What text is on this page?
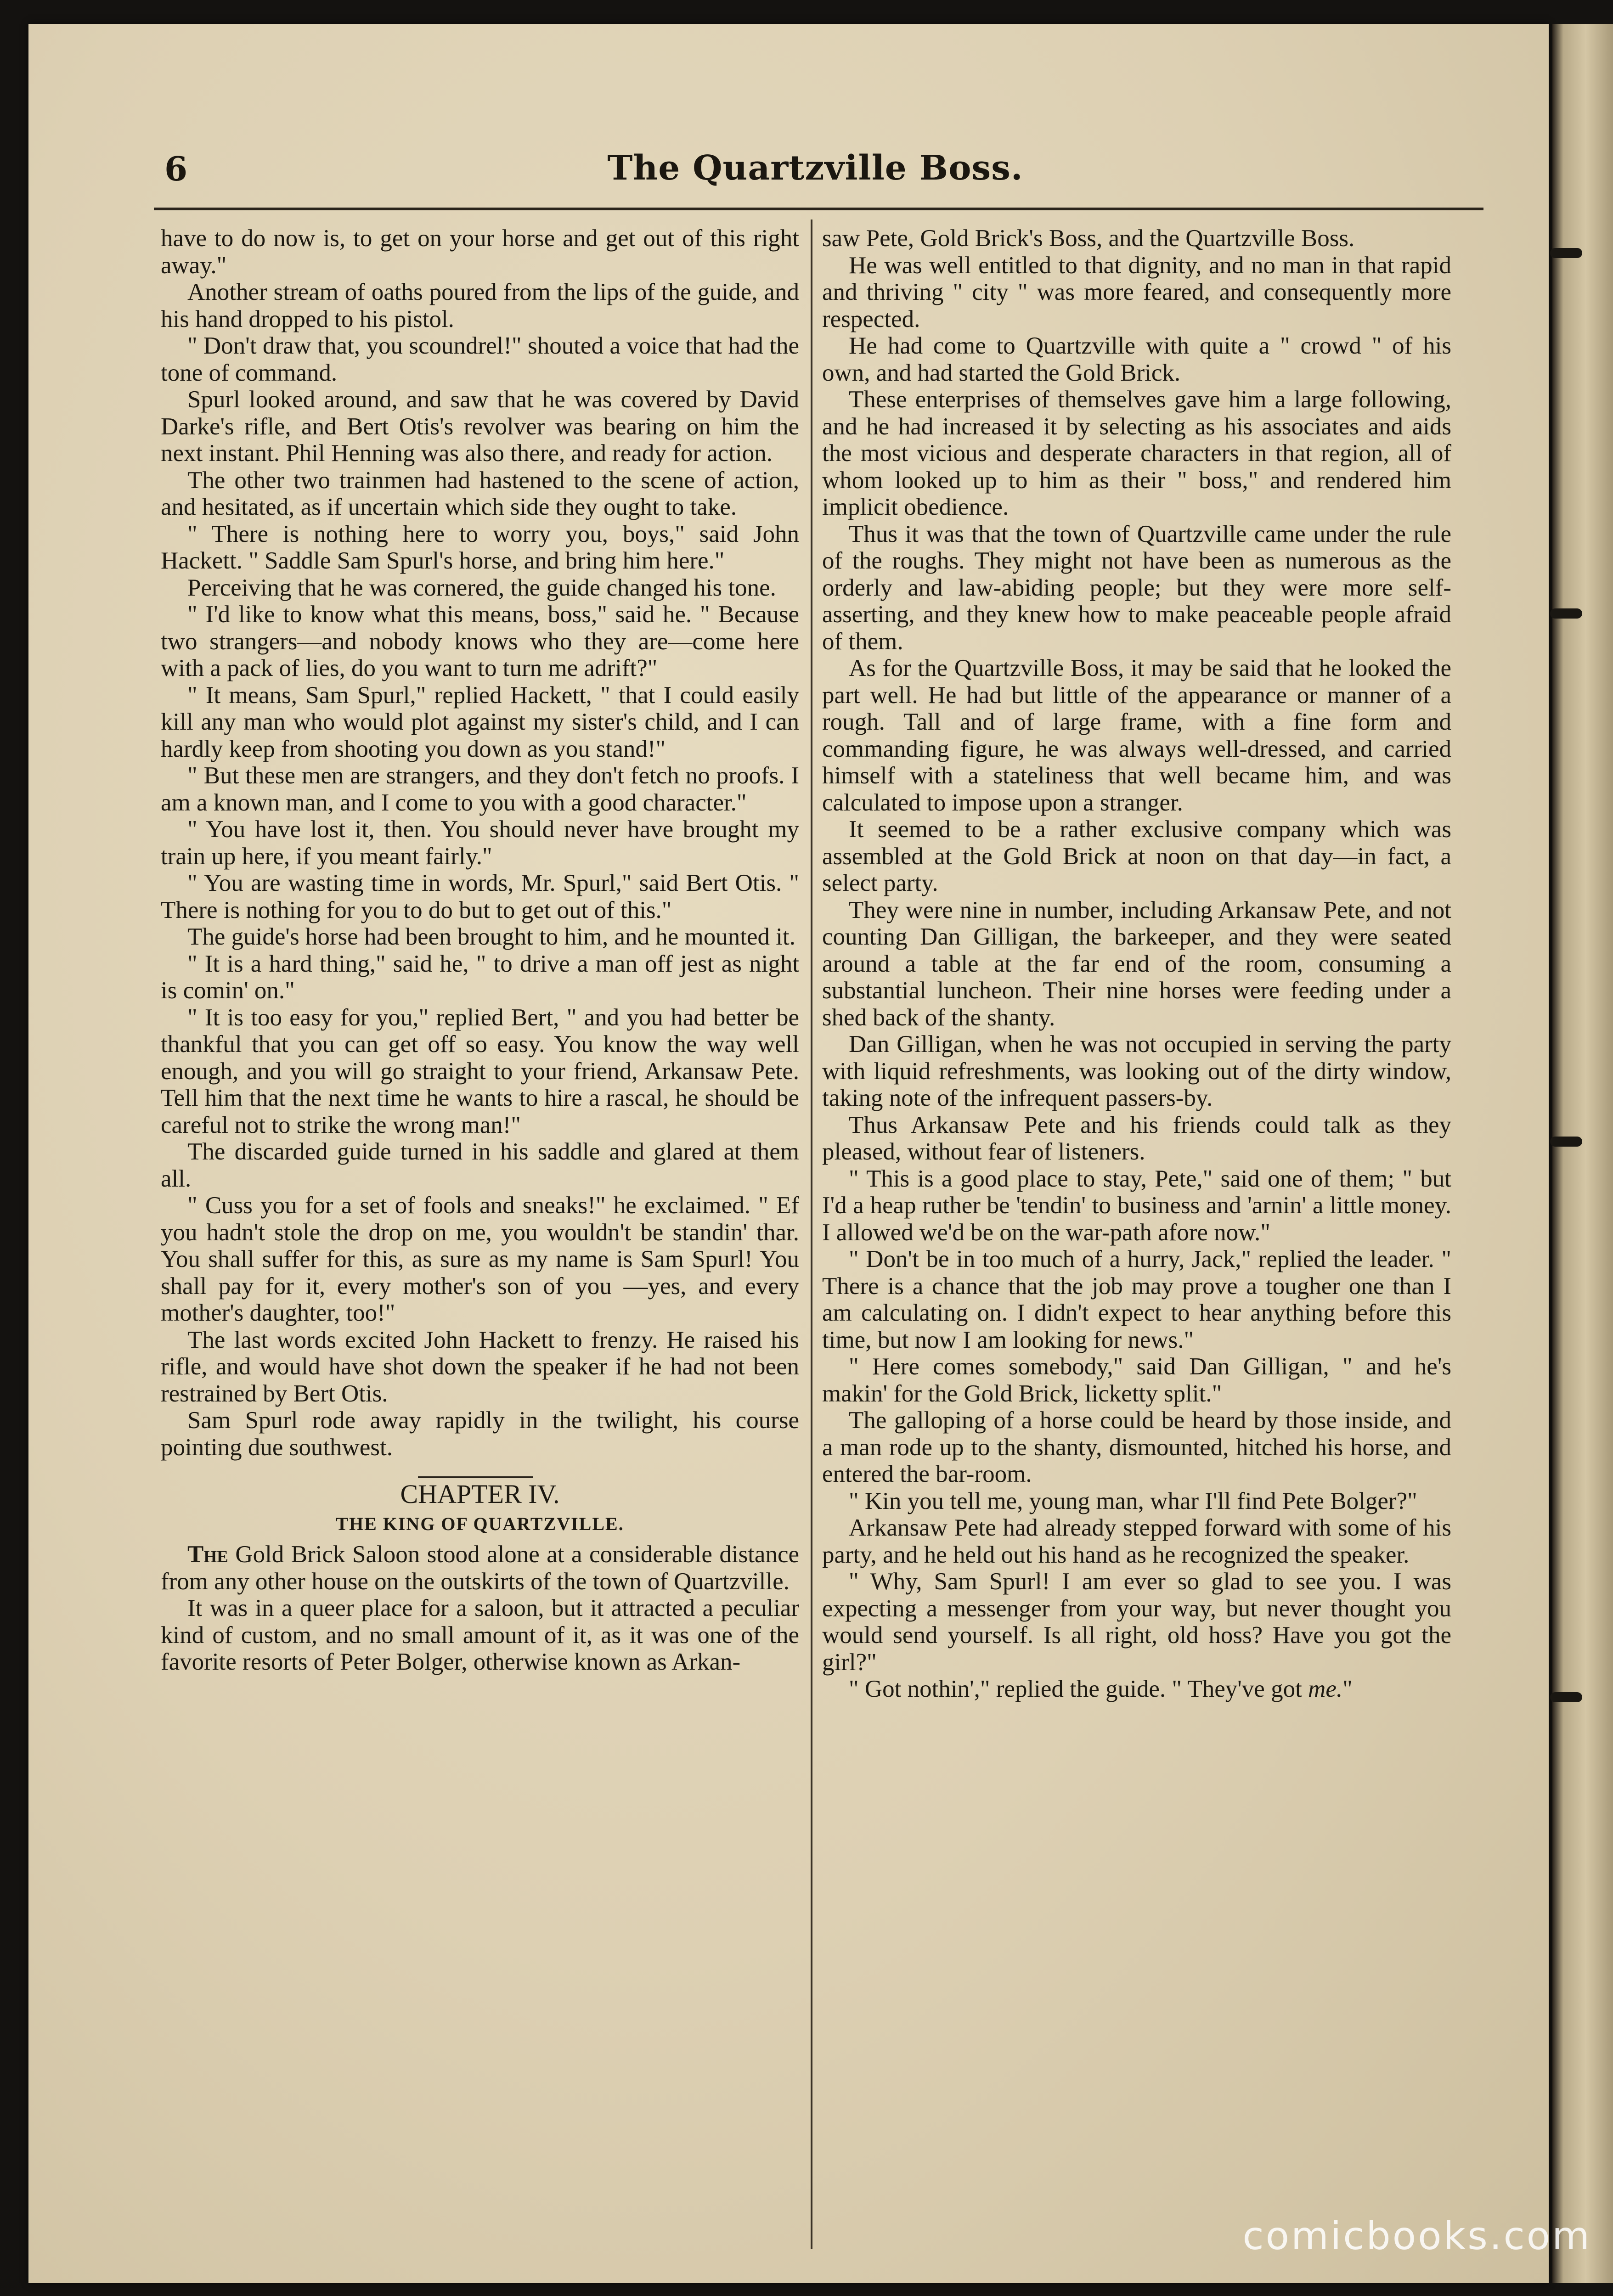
6	The Quartzville Boss.

have to do now is, to get on your horse and get out of this right away."

Another stream of oaths poured from the lips of the guide, and his hand dropped to his pistol.

" Don't draw that, you scoundrel!" shouted a voice that had the tone of command.

Spurl looked around, and saw that he was covered by David Darke's rifle, and Bert Otis's revolver was bearing on him the next instant. Phil Henning was also there, and ready for action.

The other two trainmen had hastened to the scene of action, and hesitated, as if uncertain which side they ought to take.

" There is nothing here to worry you, boys," said John Hackett. " Saddle Sam Spurl's horse, and bring him here."

Perceiving that he was cornered, the guide changed his tone.

" I'd like to know what this means, boss," said he. " Because two strangers—and nobody knows who they are—come here with a pack of lies, do you want to turn me adrift?"

" It means, Sam Spurl," replied Hackett, " that I could easily kill any man who would plot against my sister's child, and I can hardly keep from shooting you down as you stand!"

" But these men are strangers, and they don't fetch no proofs. I am a known man, and I come to you with a good character."

" You have lost it, then. You should never have brought my train up here, if you meant fairly."

" You are wasting time in words, Mr. Spurl," said Bert Otis. " There is nothing for you to do but to get out of this."

The guide's horse had been brought to him, and he mounted it.

" It is a hard thing," said he, " to drive a man off jest as night is comin' on."

" It is too easy for you," replied Bert, " and you had better be thankful that you can get off so easy. You know the way well enough, and you will go straight to your friend, Arkansaw Pete. Tell him that the next time he wants to hire a rascal, he should be careful not to strike the wrong man!"

The discarded guide turned in his saddle and glared at them all.

" Cuss you for a set of fools and sneaks!" he exclaimed. " Ef you hadn't stole the drop on me, you wouldn't be standin' thar. You shall suffer for this, as sure as my name is Sam Spurl! You shall pay for it, every mother's son of you —yes, and every mother's daughter, too!"

The last words excited John Hackett to frenzy. He raised his rifle, and would have shot down the speaker if he had not been restrained by Bert Otis.

Sam Spurl rode away rapidly in the twilight, his course pointing due southwest.

CHAPTER IV.
THE KING OF QUARTZVILLE.

The Gold Brick Saloon stood alone at a considerable distance from any other house on the outskirts of the town of Quartzville.

It was in a queer place for a saloon, but it attracted a peculiar kind of custom, and no small amount of it, as it was one of the favorite resorts of Peter Bolger, otherwise known as Arkan-

saw Pete, Gold Brick's Boss, and the Quartzville Boss.

He was well entitled to that dignity, and no man in that rapid and thriving " city " was more feared, and consequently more respected.

He had come to Quartzville with quite a " crowd " of his own, and had started the Gold Brick.

These enterprises of themselves gave him a large following, and he had increased it by selecting as his associates and aids the most vicious and desperate characters in that region, all of whom looked up to him as their " boss," and rendered him implicit obedience.

Thus it was that the town of Quartzville came under the rule of the roughs. They might not have been as numerous as the orderly and law-abiding people; but they were more self-asserting, and they knew how to make peaceable people afraid of them.

As for the Quartzville Boss, it may be said that he looked the part well. He had but little of the appearance or manner of a rough. Tall and of large frame, with a fine form and commanding figure, he was always well-dressed, and carried himself with a stateliness that well became him, and was calculated to impose upon a stranger.

It seemed to be a rather exclusive company which was assembled at the Gold Brick at noon on that day—in fact, a select party.

They were nine in number, including Arkansaw Pete, and not counting Dan Gilligan, the barkeeper, and they were seated around a table at the far end of the room, consuming a substantial luncheon. Their nine horses were feeding under a shed back of the shanty.

Dan Gilligan, when he was not occupied in serving the party with liquid refreshments, was looking out of the dirty window, taking note of the infrequent passers-by.

Thus Arkansaw Pete and his friends could talk as they pleased, without fear of listeners.

" This is a good place to stay, Pete," said one of them; " but I'd a heap ruther be 'tendin' to business and 'arnin' a little money. I allowed we'd be on the war-path afore now."

" Don't be in too much of a hurry, Jack," replied the leader. " There is a chance that the job may prove a tougher one than I am calculating on. I didn't expect to hear anything before this time, but now I am looking for news."

" Here comes somebody," said Dan Gilligan, " and he's makin' for the Gold Brick, licketty split."

The galloping of a horse could be heard by those inside, and a man rode up to the shanty, dismounted, hitched his horse, and entered the bar-room.

" Kin you tell me, young man, whar I'll find Pete Bolger?"

Arkansaw Pete had already stepped forward with some of his party, and he held out his hand as he recognized the speaker.

" Why, Sam Spurl! I am ever so glad to see you. I was expecting a messenger from your way, but never thought you would send yourself. Is all right, old hoss? Have you got the girl?"

" Got nothin'," replied the guide. " They've got me."

comicbooks.com
